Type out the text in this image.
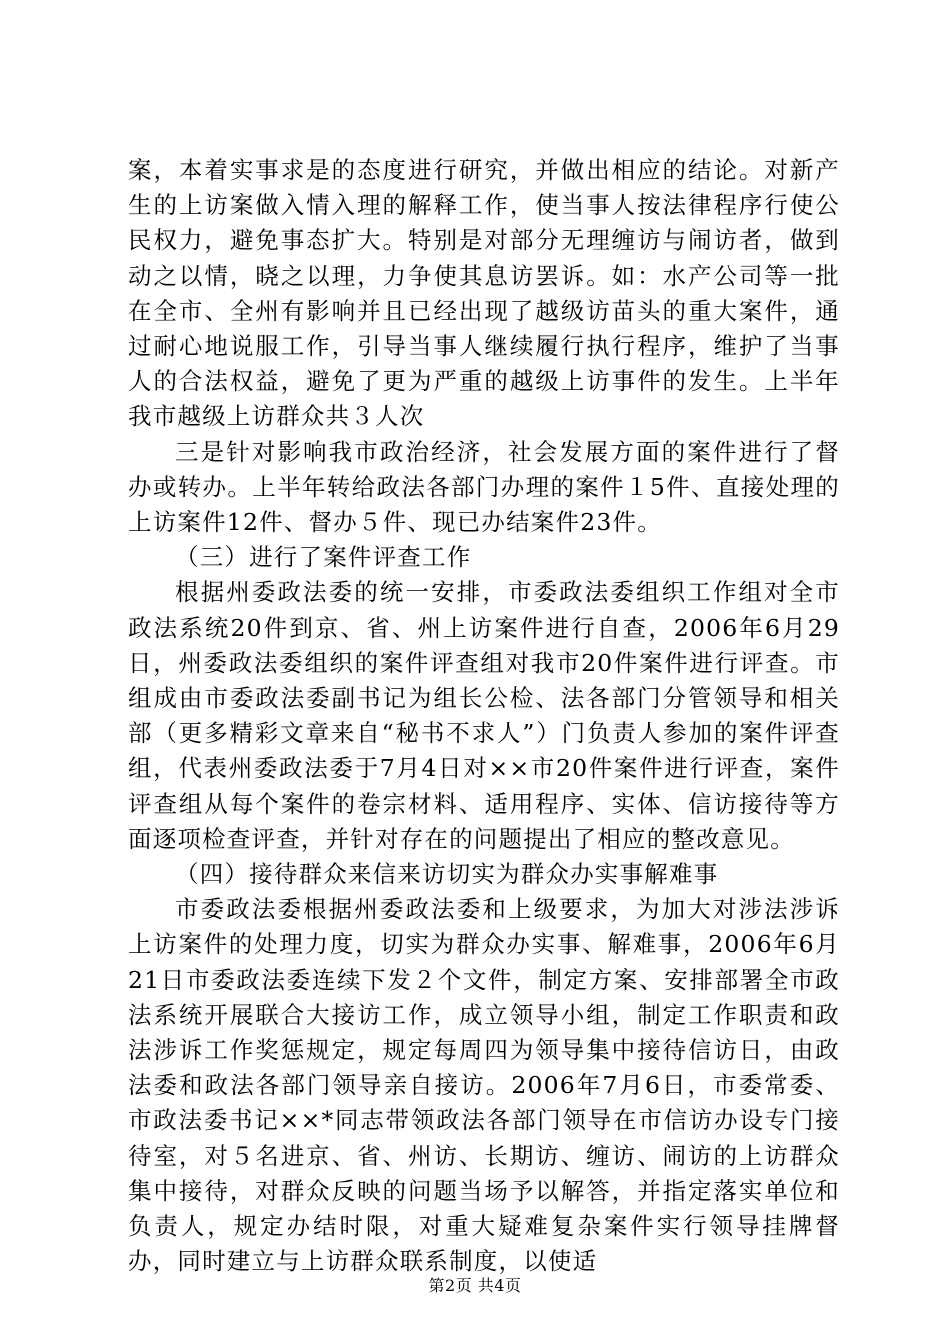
案，本着实事求是的态度进行研究，并做出相应的结论。对新产生的上访案做入情入理的解释工作，使当事人按法律程序行使公民权力，避免事态扩大。特别是对部分无理缠访与闹访者，做到动之以情，晓之以理，力争使其息访罢诉。如：水产公司等一批在全市、全州有影响并且已经出现了越级访苗头的重大案件，通过耐心地说服工作，引导当事人继续履行执行程序，维护了当事人的合法权益，避免了更为严重的越级上访事件的发生。上半年我市越级上访群众共３人次

三是针对影响我市政治经济，社会发展方面的案件进行了督办或转办。上半年转给政法各部门办理的案件１5件、直接处理的上访案件12件、督办５件、现已办结案件23件。

（三）进行了案件评查工作

根据州委政法委的统一安排，市委政法委组织工作组对全市政法系统20件到京、省、州上访案件进行自查，2006年6月29日，州委政法委组织的案件评查组对我市20件案件进行评查。市组成由市委政法委副书记为组长公检、法各部门分管领导和相关部（更多精彩文章来自“秘书不求人”）门负责人参加的案件评查组，代表州委政法委于7月4日对××市20件案件进行评查，案件评查组从每个案件的卷宗材料、适用程序、实体、信访接待等方面逐项检查评查，并针对存在的问题提出了相应的整改意见。

（四）接待群众来信来访切实为群众办实事解难事

市委政法委根据州委政法委和上级要求，为加大对涉法涉诉上访案件的处理力度，切实为群众办实事、解难事，2006年6月21日市委政法委连续下发２个文件，制定方案、安排部署全市政法系统开展联合大接访工作，成立领导小组，制定工作职责和政法涉诉工作奖惩规定，规定每周四为领导集中接待信访日，由政法委和政法各部门领导亲自接访。2006年7月6日，市委常委、市政法委书记××*同志带领政法各部门领导在市信访办设专门接待室，对５名进京、省、州访、长期访、缠访、闹访的上访群众集中接待，对群众反映的问题当场予以解答，并指定落实单位和负责人，规定办结时限，对重大疑难复杂案件实行领导挂牌督办，同时建立与上访群众联系制度，以使适

第2页 共4页
